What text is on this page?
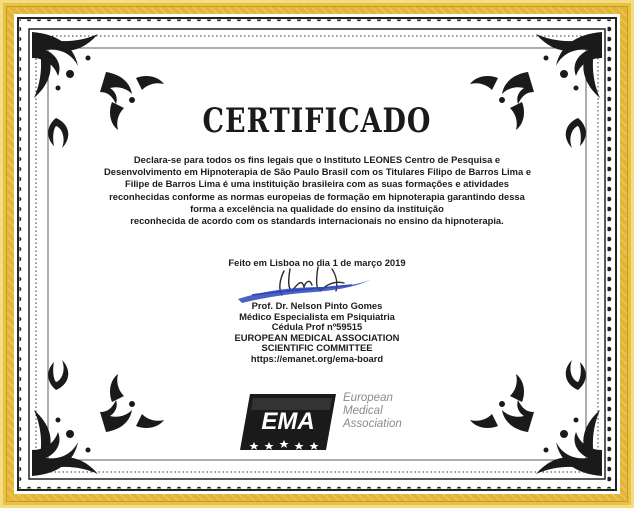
CERTIFICADO
Declara-se para todos os fins legais que o Instituto LEONES Centro de Pesquisa e
Desenvolvimento em Hipnoterapia de São Paulo Brasil com os Titulares Filipo de Barros Lima e
Filipe de Barros Lima é uma instituição brasileira com as suas formações e atividades
reconhecidas conforme as normas europeias de formação em hipnoterapia garantindo dessa
forma a excelência na qualidade do ensino da instituição
reconhecida de acordo com os standards internacionais no ensino da hipnoterapia.
Feito em Lisboa no dia 1 de março 2019
Prof. Dr. Nelson Pinto Gomes
Médico Especialista em Psiquiatria
Cédula Prof nº59515
EUROPEAN MEDICAL ASSOCIATION
SCIENTIFIC COMMITTEE
https://emanet.org/ema-board
EMA
European
Medical
Association
